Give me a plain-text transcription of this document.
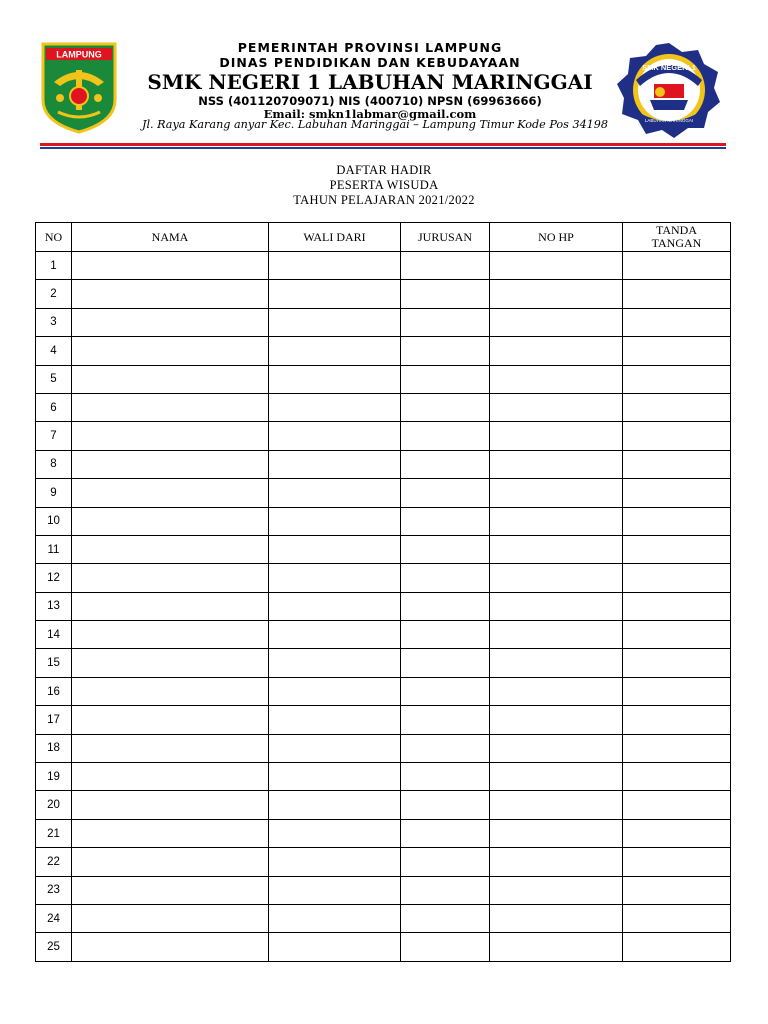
LAMPUNG	PEMERINTAH PROVINSI LAMPUNG
DINAS PENDIDIKAN DAN KEBUDAYAAN
SMK NEGERI 1 LABUHAN MARINGGAI
NSS (401120709071) NIS (400710) NPSN (69963666)
Email: smkn1labmar@gmail.com
Jl. Raya Karang anyar Kec. Labuhan Maringgai – Lampung Timur Kode Pos 34198
SMK NEGERI 1
LABUHAN MARINGGAI
DAFTAR HADIR
PESERTA WISUDA
TAHUN PELAJARAN 2021/2022
NO	NAMA	WALI DARI	JURUSAN	NO HP	TANDA
TANGAN
1					
2					
3					
4					
5					
6					
7					
8					
9					
10					
11					
12					
13					
14					
15					
16					
17					
18					
19					
20					
21					
22					
23					
24					
25					
